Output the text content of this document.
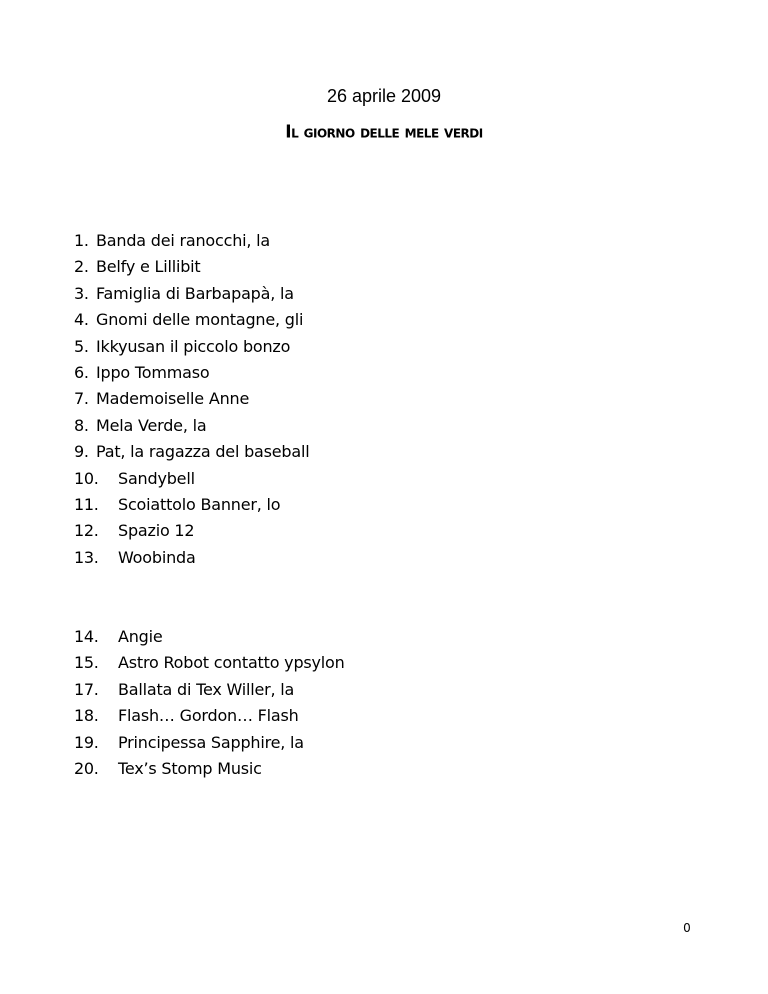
26 aprile 2009
Il giorno delle mele verdi
1. Banda dei ranocchi, la
2. Belfy e Lillibit
3. Famiglia di Barbapapà, la
4. Gnomi delle montagne, gli
5. Ikkyusan il piccolo bonzo
6. Ippo Tommaso
7. Mademoiselle Anne
8. Mela Verde, la
9. Pat, la ragazza del baseball
10.	Sandybell
11.	Scoiattolo Banner, lo
12.	Spazio 12
13.	Woobinda
14.	Angie
15.	Astro Robot contatto ypsylon
17.	Ballata di Tex Willer, la
18.	Flash… Gordon… Flash
19.	Principessa Sapphire, la
20.	Tex’s Stomp Music
0
